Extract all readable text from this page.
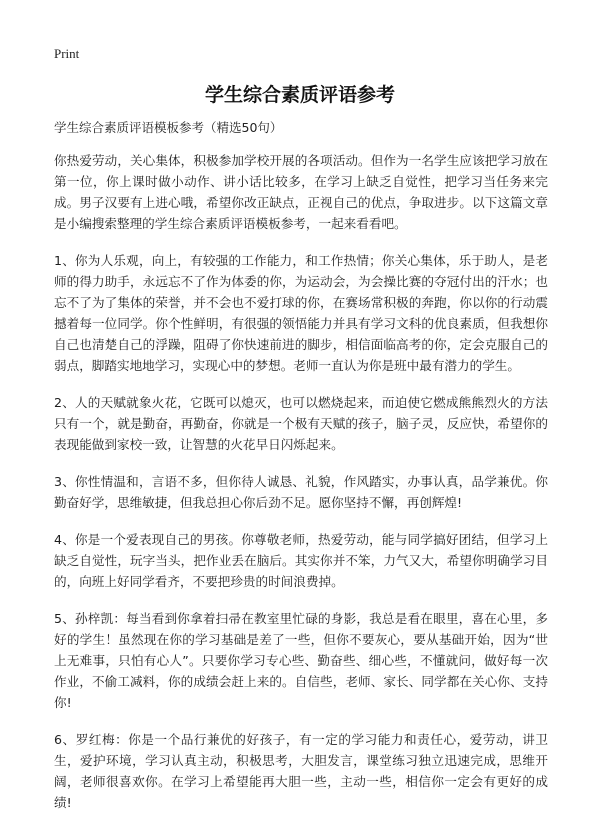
Print
学生综合素质评语参考
学生综合素质评语模板参考（精选50句）

你热爱劳动，关心集体，积极参加学校开展的各项活动。但作为一名学生应该把学习放在第一位，你上课时做小动作、讲小话比较多，在学习上缺乏自觉性，把学习当任务来完成。男子汉要有上进心哦，希望你改正缺点，正视自己的优点，争取进步。以下这篇文章是小编搜索整理的学生综合素质评语模板参考，一起来看看吧。

1、你为人乐观，向上，有较强的工作能力，和工作热情；你关心集体，乐于助人，是老师的得力助手，永远忘不了作为体委的你，为运动会，为会操比赛的夺冠付出的汗水；也忘不了为了集体的荣誉，并不会也不爱打球的你，在赛场常积极的奔跑，你以你的行动震撼着每一位同学。你个性鲜明，有很强的领悟能力并具有学习文科的优良素质，但我想你自己也清楚自己的浮躁，阻碍了你快速前进的脚步，相信面临高考的你，定会克服自己的弱点，脚踏实地地学习，实现心中的梦想。老师一直认为你是班中最有潜力的学生。

2、人的天赋就象火花，它既可以熄灭，也可以燃烧起来，而迫使它燃成熊熊烈火的方法只有一个，就是勤奋，再勤奋，你就是一个极有天赋的孩子，脑子灵，反应快，希望你的表现能做到家校一致，让智慧的火花早日闪烁起来。

3、你性情温和，言语不多，但你待人诚恳、礼貌，作风踏实，办事认真，品学兼优。你勤奋好学，思维敏捷，但我总担心你后劲不足。愿你坚持不懈，再创辉煌!

4、你是一个爱表现自己的男孩。你尊敬老师，热爱劳动，能与同学搞好团结，但学习上缺乏自觉性，玩字当头，把作业丢在脑后。其实你并不笨，力气又大，希望你明确学习目的，向班上好同学看齐，不要把珍贵的时间浪费掉。

5、孙梓凯：每当看到你拿着扫帚在教室里忙碌的身影，我总是看在眼里，喜在心里，多好的学生！虽然现在你的学习基础是差了一些，但你不要灰心，要从基础开始，因为“世上无难事，只怕有心人”。只要你学习专心些、勤奋些、细心些，不懂就问，做好每一次作业，不偷工减料，你的成绩会赶上来的。自信些，老师、家长、同学都在关心你、支持你!

6、罗红梅：你是一个品行兼优的好孩子，有一定的学习能力和责任心，爱劳动，讲卫生，爱护环境，学习认真主动，积极思考，大胆发言，课堂练习独立迅速完成，思维开阔，老师很喜欢你。在学习上希望能再大胆一些，主动一些，相信你一定会有更好的成绩!
